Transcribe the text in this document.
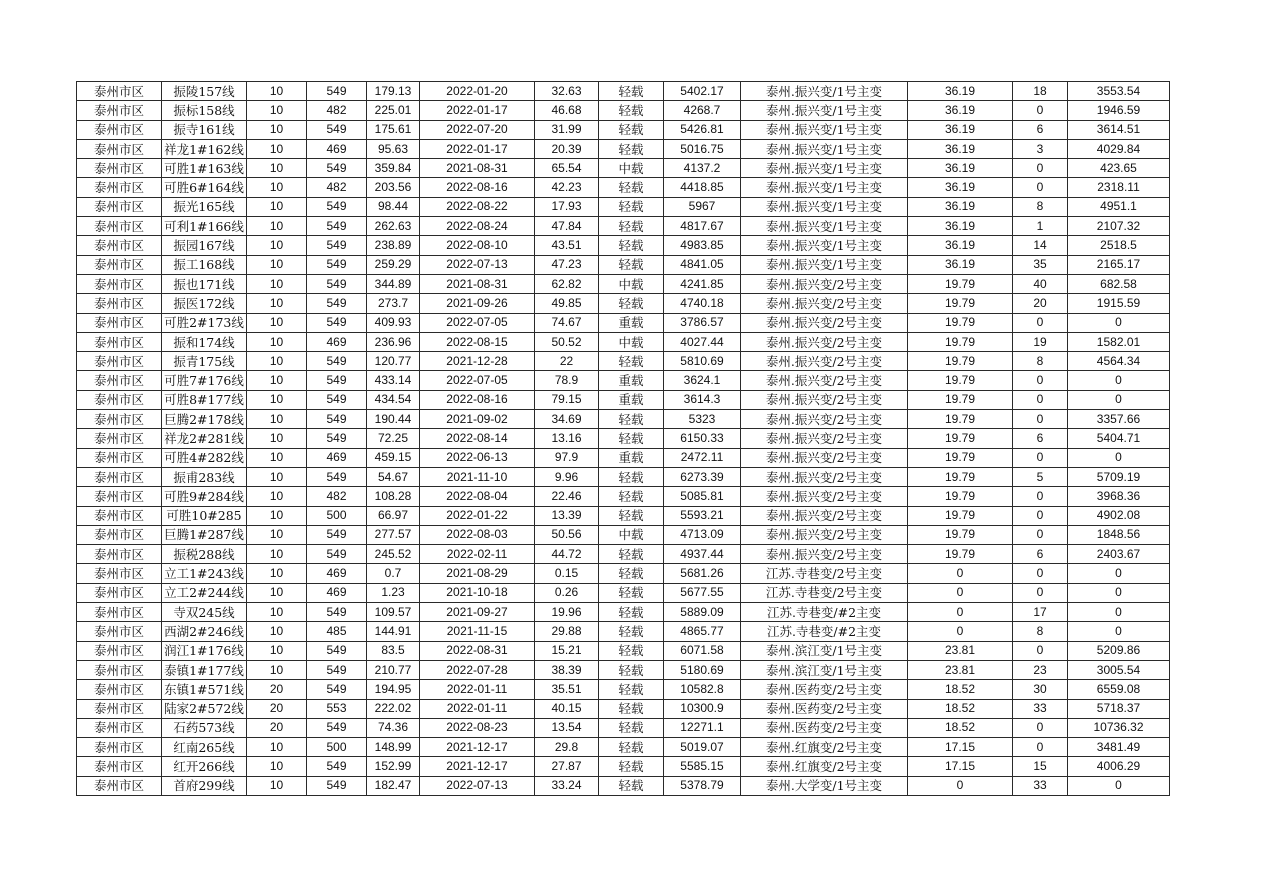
泰州市区	振陵157线	10	549	179.13	2022-01-20	32.63	轻载	5402.17	泰州.振兴变/1号主变	36.19	18	3553.54
泰州市区	振标158线	10	482	225.01	2022-01-17	46.68	轻载	4268.7	泰州.振兴变/1号主变	36.19	0	1946.59
泰州市区	振寺161线	10	549	175.61	2022-07-20	31.99	轻载	5426.81	泰州.振兴变/1号主变	36.19	6	3614.51
泰州市区	祥龙1#162线	10	469	95.63	2022-01-17	20.39	轻载	5016.75	泰州.振兴变/1号主变	36.19	3	4029.84
泰州市区	可胜1#163线	10	549	359.84	2021-08-31	65.54	中载	4137.2	泰州.振兴变/1号主变	36.19	0	423.65
泰州市区	可胜6#164线	10	482	203.56	2022-08-16	42.23	轻载	4418.85	泰州.振兴变/1号主变	36.19	0	2318.11
泰州市区	振光165线	10	549	98.44	2022-08-22	17.93	轻载	5967	泰州.振兴变/1号主变	36.19	8	4951.1
泰州市区	可利1#166线	10	549	262.63	2022-08-24	47.84	轻载	4817.67	泰州.振兴变/1号主变	36.19	1	2107.32
泰州市区	振园167线	10	549	238.89	2022-08-10	43.51	轻载	4983.85	泰州.振兴变/1号主变	36.19	14	2518.5
泰州市区	振工168线	10	549	259.29	2022-07-13	47.23	轻载	4841.05	泰州.振兴变/1号主变	36.19	35	2165.17
泰州市区	振也171线	10	549	344.89	2021-08-31	62.82	中载	4241.85	泰州.振兴变/2号主变	19.79	40	682.58
泰州市区	振医172线	10	549	273.7	2021-09-26	49.85	轻载	4740.18	泰州.振兴变/2号主变	19.79	20	1915.59
泰州市区	可胜2#173线	10	549	409.93	2022-07-05	74.67	重载	3786.57	泰州.振兴变/2号主变	19.79	0	0
泰州市区	振和174线	10	469	236.96	2022-08-15	50.52	中载	4027.44	泰州.振兴变/2号主变	19.79	19	1582.01
泰州市区	振青175线	10	549	120.77	2021-12-28	22	轻载	5810.69	泰州.振兴变/2号主变	19.79	8	4564.34
泰州市区	可胜7#176线	10	549	433.14	2022-07-05	78.9	重载	3624.1	泰州.振兴变/2号主变	19.79	0	0
泰州市区	可胜8#177线	10	549	434.54	2022-08-16	79.15	重载	3614.3	泰州.振兴变/2号主变	19.79	0	0
泰州市区	巨腾2#178线	10	549	190.44	2021-09-02	34.69	轻载	5323	泰州.振兴变/2号主变	19.79	0	3357.66
泰州市区	祥龙2#281线	10	549	72.25	2022-08-14	13.16	轻载	6150.33	泰州.振兴变/2号主变	19.79	6	5404.71
泰州市区	可胜4#282线	10	469	459.15	2022-06-13	97.9	重载	2472.11	泰州.振兴变/2号主变	19.79	0	0
泰州市区	振甫283线	10	549	54.67	2021-11-10	9.96	轻载	6273.39	泰州.振兴变/2号主变	19.79	5	5709.19
泰州市区	可胜9#284线	10	482	108.28	2022-08-04	22.46	轻载	5085.81	泰州.振兴变/2号主变	19.79	0	3968.36
泰州市区	可胜10#285	10	500	66.97	2022-01-22	13.39	轻载	5593.21	泰州.振兴变/2号主变	19.79	0	4902.08
泰州市区	巨腾1#287线	10	549	277.57	2022-08-03	50.56	中载	4713.09	泰州.振兴变/2号主变	19.79	0	1848.56
泰州市区	振税288线	10	549	245.52	2022-02-11	44.72	轻载	4937.44	泰州.振兴变/2号主变	19.79	6	2403.67
泰州市区	立工1#243线	10	469	0.7	2021-08-29	0.15	轻载	5681.26	江苏.寺巷变/2号主变	0	0	0
泰州市区	立工2#244线	10	469	1.23	2021-10-18	0.26	轻载	5677.55	江苏.寺巷变/2号主变	0	0	0
泰州市区	寺双245线	10	549	109.57	2021-09-27	19.96	轻载	5889.09	江苏.寺巷变/#2主变	0	17	0
泰州市区	西湖2#246线	10	485	144.91	2021-11-15	29.88	轻载	4865.77	江苏.寺巷变/#2主变	0	8	0
泰州市区	润江1#176线	10	549	83.5	2022-08-31	15.21	轻载	6071.58	泰州.滨江变/1号主变	23.81	0	5209.86
泰州市区	泰镇1#177线	10	549	210.77	2022-07-28	38.39	轻载	5180.69	泰州.滨江变/1号主变	23.81	23	3005.54
泰州市区	东镇1#571线	20	549	194.95	2022-01-11	35.51	轻载	10582.8	泰州.医药变/2号主变	18.52	30	6559.08
泰州市区	陆家2#572线	20	553	222.02	2022-01-11	40.15	轻载	10300.9	泰州.医药变/2号主变	18.52	33	5718.37
泰州市区	石药573线	20	549	74.36	2022-08-23	13.54	轻载	12271.1	泰州.医药变/2号主变	18.52	0	10736.32
泰州市区	红南265线	10	500	148.99	2021-12-17	29.8	轻载	5019.07	泰州.红旗变/2号主变	17.15	0	3481.49
泰州市区	红开266线	10	549	152.99	2021-12-17	27.87	轻载	5585.15	泰州.红旗变/2号主变	17.15	15	4006.29
泰州市区	首府299线	10	549	182.47	2022-07-13	33.24	轻载	5378.79	泰州.大学变/1号主变	0	33	0
